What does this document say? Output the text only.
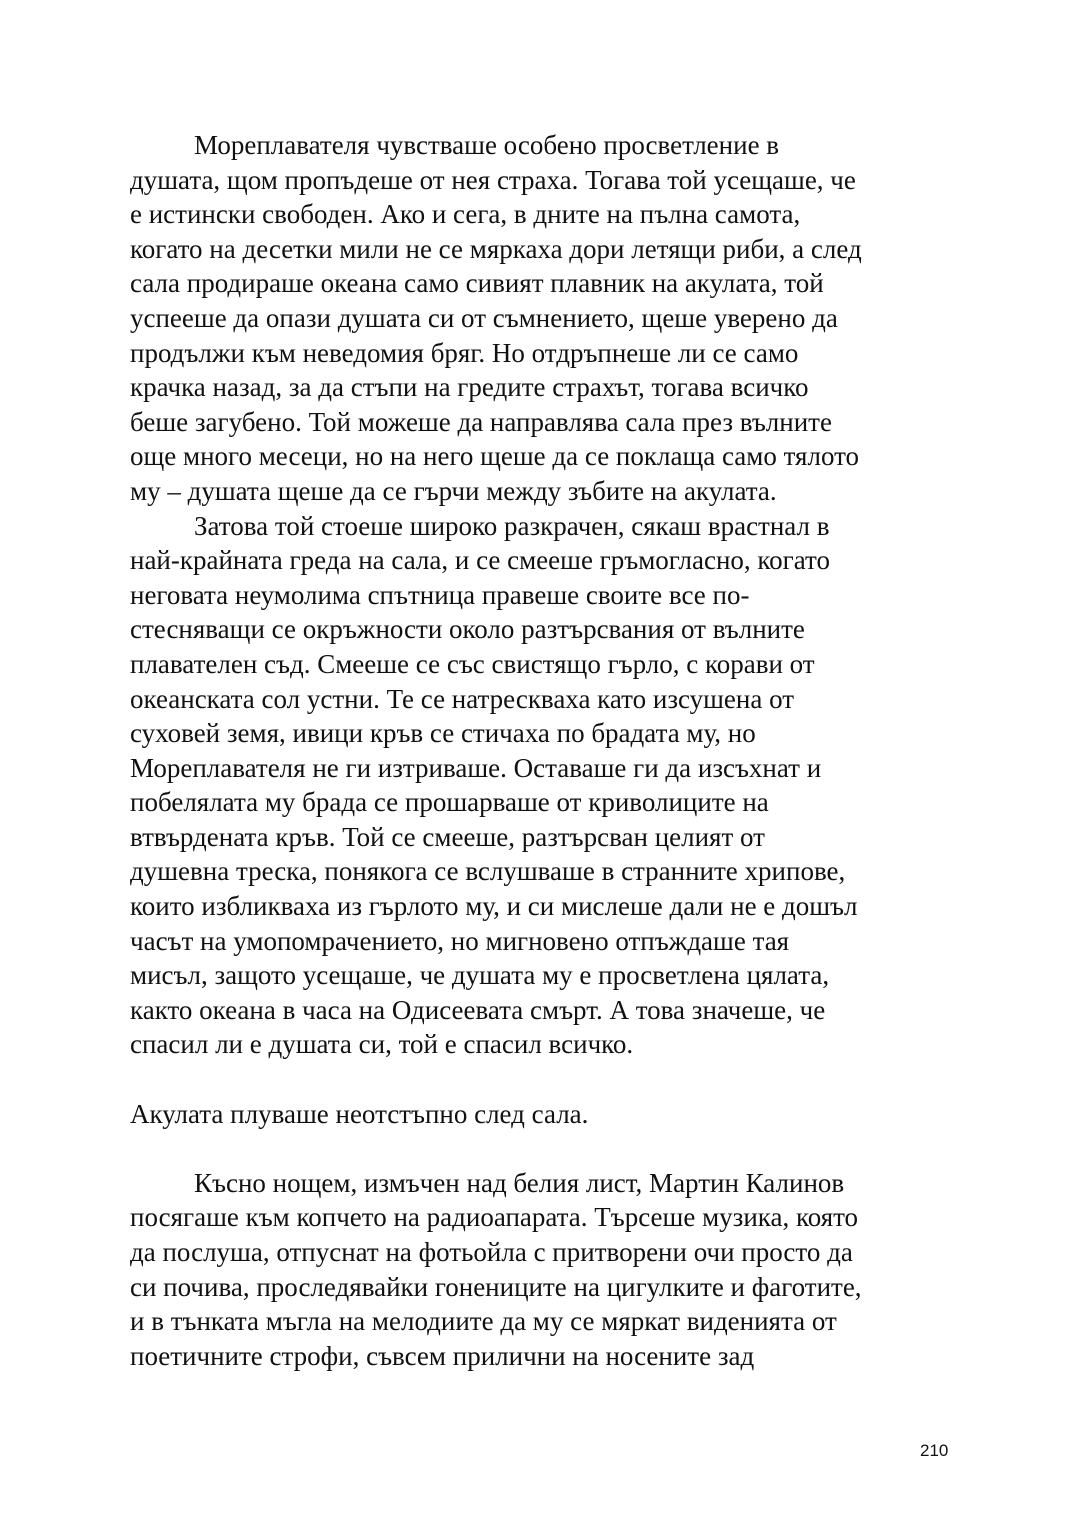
Мореплавателя чувстваше особено просветление в
душата, щом пропъдеше от нея страха. Тогава той усещаше, че
е истински свободен. Ако и сега, в дните на пълна самота,
когато на десетки мили не се мяркаха дори летящи риби, а след
сала продираше океана само сивият плавник на акулата, той
успееше да опази душата си от съмнението, щеше уверено да
продължи към неведомия бряг. Но отдръпнеше ли се само
крачка назад, за да стъпи на гредите страхът, тогава всичко
беше загубено. Той можеше да направлява сала през вълните
още много месеци, но на него щеше да се поклаща само тялото
му – душата щеше да се гърчи между зъбите на акулата.
Затова той стоеше широко разкрачен, сякаш врастнал в
най-крайната греда на сала, и се смееше гръмогласно, когато
неговата неумолима спътница правеше своите все по-
стесняващи се окръжности около разтърсвания от вълните
плавателен съд. Смееше се със свистящо гърло, с корави от
океанската сол устни. Те се натрескваха като изсушена от
суховей земя, ивици кръв се стичаха по брадата му, но
Мореплавателя не ги изтриваше. Оставаше ги да изсъхнат и
побелялата му брада се прошарваше от криволиците на
втвърдената кръв. Той се смееше, разтърсван целият от
душевна треска, понякога се вслушваше в странните хрипове,
които избликваха из гърлото му, и си мислеше дали не е дошъл
часът на умопомрачението, но мигновено отпъждаше тая
мисъл, защото усещаше, че душата му е просветлена цялата,
както океана в часа на Одисеевата смърт. А това значеше, че
спасил ли е душата си, той е спасил всичко.
Акулата плуваше неотстъпно след сала.
Късно нощем, измъчен над белия лист, Мартин Калинов
посягаше към копчето на радиоапарата. Търсеше музика, която
да послуша, отпуснат на фотьойла с притворени очи просто да
си почива, проследявайки гонениците на цигулките и фаготите,
и в тънката мъгла на мелодиите да му се мяркат виденията от
поетичните строфи, съвсем прилични на носените зад
210
